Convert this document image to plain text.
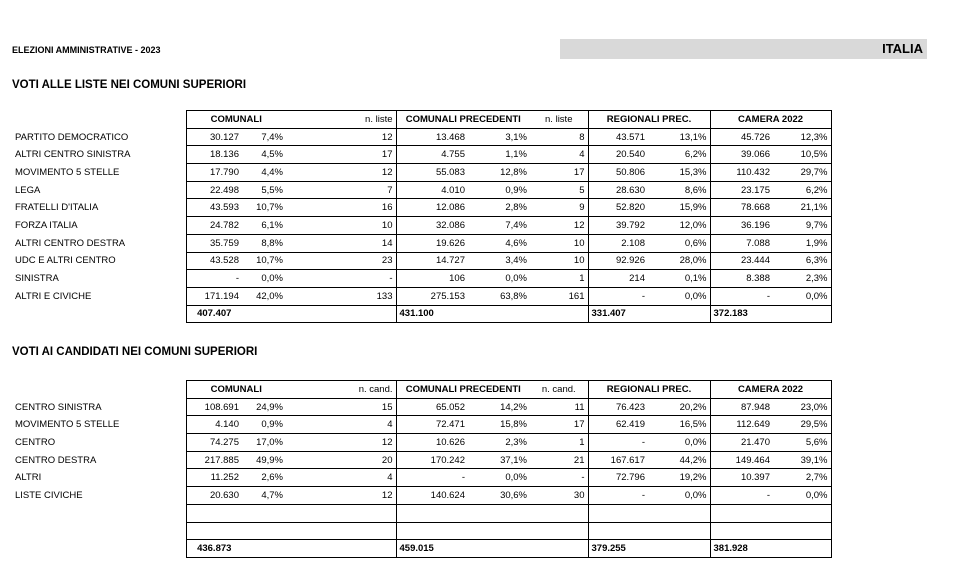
ELEZIONI AMMINISTRATIVE - 2023	ITALIA
VOTI ALLE LISTE NEI COMUNI SUPERIORI
	COMUNALI		n. liste	COMUNALI PRECEDENTI		n. liste	REGIONALI PREC.		CAMERA 2022	
PARTITO DEMOCRATICO	30.127	7,4%	12	13.468	3,1%	8	43.571	13,1%	45.726	12,3%
ALTRI CENTRO SINISTRA	18.136	4,5%	17	4.755	1,1%	4	20.540	6,2%	39.066	10,5%
MOVIMENTO 5 STELLE	17.790	4,4%	12	55.083	12,8%	17	50.806	15,3%	110.432	29,7%
LEGA	22.498	5,5%	7	4.010	0,9%	5	28.630	8,6%	23.175	6,2%
FRATELLI D'ITALIA	43.593	10,7%	16	12.086	2,8%	9	52.820	15,9%	78.668	21,1%
FORZA ITALIA	24.782	6,1%	10	32.086	7,4%	12	39.792	12,0%	36.196	9,7%
ALTRI CENTRO DESTRA	35.759	8,8%	14	19.626	4,6%	10	2.108	0,6%	7.088	1,9%
UDC E ALTRI CENTRO	43.528	10,7%	23	14.727	3,4%	10	92.926	28,0%	23.444	6,3%
SINISTRA	-	0,0%	-	106	0,0%	1	214	0,1%	8.388	2,3%
ALTRI E CIVICHE	171.194	42,0%	133	275.153	63,8%	161	-	0,0%	-	0,0%
	407.407			431.100			331.407		372.183	
VOTI AI CANDIDATI NEI COMUNI SUPERIORI
	COMUNALI		n. cand.	COMUNALI PRECEDENTI		n. cand.	REGIONALI PREC.		CAMERA 2022	
CENTRO SINISTRA	108.691	24,9%	15	65.052	14,2%	11	76.423	20,2%	87.948	23,0%
MOVIMENTO 5 STELLE	4.140	0,9%	4	72.471	15,8%	17	62.419	16,5%	112.649	29,5%
CENTRO	74.275	17,0%	12	10.626	2,3%	1	-	0,0%	21.470	5,6%
CENTRO DESTRA	217.885	49,9%	20	170.242	37,1%	21	167.617	44,2%	149.464	39,1%
ALTRI	11.252	2,6%	4	-	0,0%	-	72.796	19,2%	10.397	2,7%
LISTE CIVICHE	20.630	4,7%	12	140.624	30,6%	30	-	0,0%	-	0,0%

	436.873			459.015			379.255		381.928	
